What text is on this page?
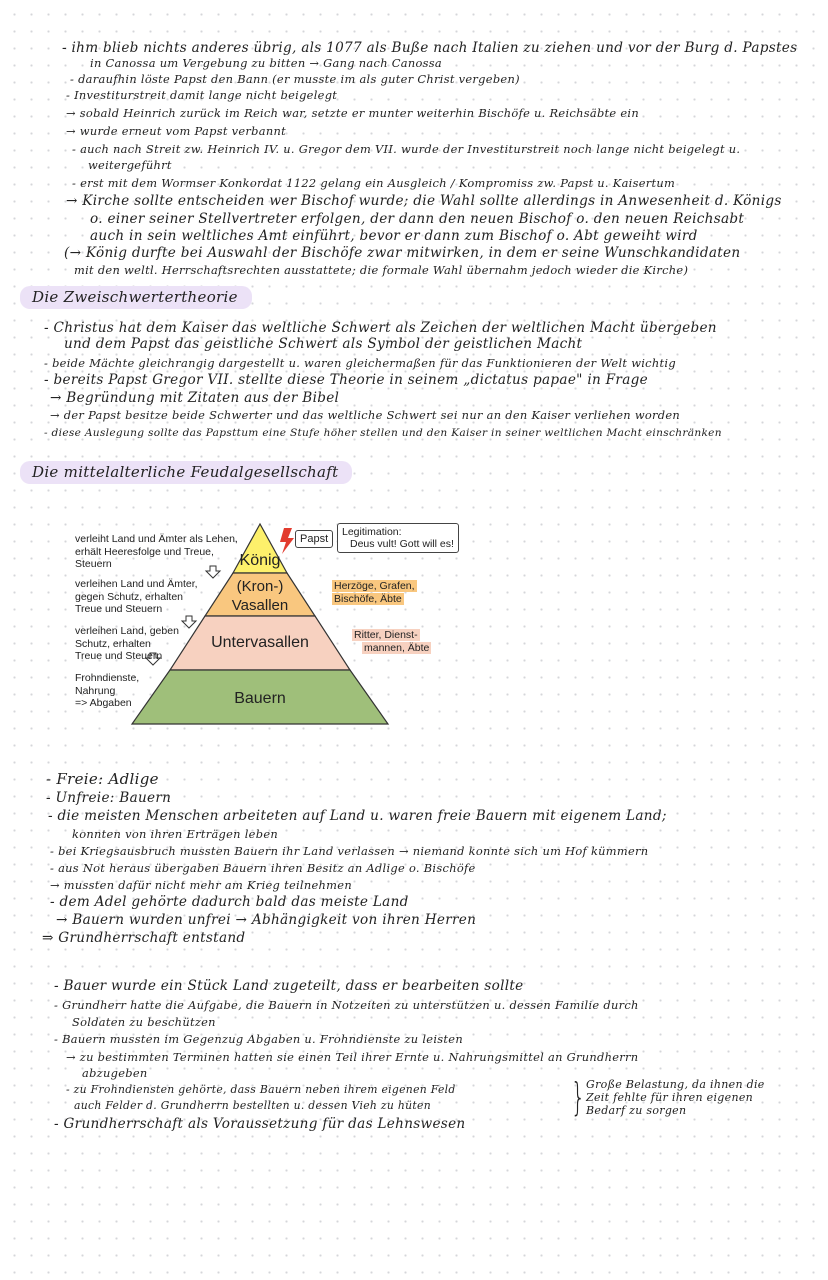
- ihm blieb nichts anderes übrig, als 1077 als Buße nach Italien zu ziehen und vor der Burg d. Papstes
in Canossa um Vergebung zu bitten → Gang nach Canossa
- daraufhin löste Papst den Bann (er musste im als guter Christ vergeben)
- Investiturstreit damit lange nicht beigelegt
→ sobald Heinrich zurück im Reich war, setzte er munter weiterhin Bischöfe u. Reichsäbte ein
→ wurde erneut vom Papst verbannt
- auch nach Streit zw. Heinrich IV. u. Gregor dem VII. wurde der Investiturstreit noch lange nicht beigelegt u.
weitergeführt
- erst mit dem Wormser Konkordat 1122 gelang ein Ausgleich / Kompromiss zw. Papst u. Kaisertum
→ Kirche sollte entscheiden wer Bischof wurde; die Wahl sollte allerdings in Anwesenheit d. Königs
o. einer seiner Stellvertreter erfolgen, der dann den neuen Bischof o. den neuen Reichsabt
auch in sein weltliches Amt einführt, bevor er dann zum Bischof o. Abt geweiht wird
(→ König durfte bei Auswahl der Bischöfe zwar mitwirken, in dem er seine Wunschkandidaten
mit den weltl. Herrschaftsrechten ausstattete; die formale Wahl übernahm jedoch wieder die Kirche)
Die Zweischwertertheorie
- Christus hat dem Kaiser das weltliche Schwert als Zeichen der weltlichen Macht übergeben
und dem Papst das geistliche Schwert als Symbol der geistlichen Macht
- beide Mächte gleichrangig dargestellt u. waren gleichermaßen für das Funktionieren der Welt wichtig
- bereits Papst Gregor VII. stellte diese Theorie in seinem „dictatus papae" in Frage
→ Begründung mit Zitaten aus der Bibel
→ der Papst besitze beide Schwerter und das weltliche Schwert sei nur an den Kaiser verliehen worden
- diese Auslegung sollte das Papsttum eine Stufe höher stellen und den Kaiser in seiner weltlichen Macht einschränken
Die mittelalterliche Feudalgesellschaft
König
(Kron-)
Vasallen
Untervasallen
Bauern
verleiht Land und Ämter als Lehen,
erhält Heeresfolge und Treue,
Steuern
verleihen Land und Ämter,
gegen Schutz, erhalten
Treue und Steuern
verleihen Land, geben
Schutz, erhalten
Treue und Steuern
Frohndienste,
Nahrung
=> Abgaben
Papst
Legitimation:
Deus vult! Gott will es!
Herzöge, Grafen,
Bischöfe, Äbte
Ritter, Dienst-
mannen, Äbte
- Freie: Adlige
- Unfreie: Bauern
- die meisten Menschen arbeiteten auf Land u. waren freie Bauern mit eigenem Land;
konnten von ihren Erträgen leben
- bei Kriegsausbruch mussten Bauern ihr Land verlassen → niemand konnte sich um Hof kümmern
- aus Not heraus übergaben Bauern ihren Besitz an Adlige o. Bischöfe
→ mussten dafür nicht mehr am Krieg teilnehmen
- dem Adel gehörte dadurch bald das meiste Land
→ Bauern wurden unfrei → Abhängigkeit von ihren Herren
⇒ Grundherrschaft entstand
- Bauer wurde ein Stück Land zugeteilt, dass er bearbeiten sollte
- Grundherr hatte die Aufgabe, die Bauern in Notzeiten zu unterstützen u. dessen Familie durch
Soldaten zu beschützen
- Bauern mussten im Gegenzug Abgaben u. Frohndienste zu leisten
→ zu bestimmten Terminen hatten sie einen Teil ihrer Ernte u. Nahrungsmittel an Grundherrn
abzugeben
- zu Frohndiensten gehörte, dass Bauern neben ihrem eigenen Feld
auch Felder d. Grundherrn bestellten u. dessen Vieh zu hüten
- Grundherrschaft als Voraussetzung für das Lehnswesen
} Große Belastung, da ihnen die
Zeit fehlte für ihren eigenen
Bedarf zu sorgen
